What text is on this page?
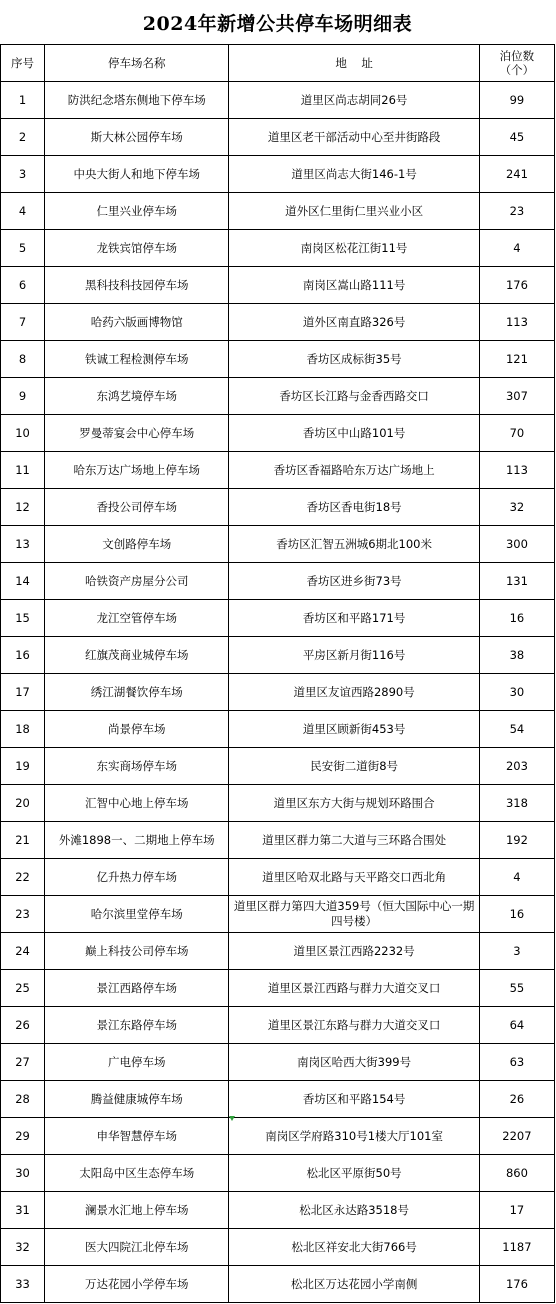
2024年新增公共停车场明细表
序号	停车场名称	地    址	泊位数
（个）

1	防洪纪念塔东侧地下停车场	道里区尚志胡同26号	99
2	斯大林公园停车场	道里区老干部活动中心至井街路段	45
3	中央大街人和地下停车场	道里区尚志大街146-1号	241
4	仁里兴业停车场	道外区仁里街仁里兴业小区	23
5	龙铁宾馆停车场	南岗区松花江街11号	4
6	黑科技科技园停车场	南岗区嵩山路111号	176
7	哈药六版画博物馆	道外区南直路326号	113
8	铁诚工程检测停车场	香坊区成标街35号	121
9	东鸿艺境停车场	香坊区长江路与金香西路交口	307
10	罗曼蒂宴会中心停车场	香坊区中山路101号	70
11	哈东万达广场地上停车场	香坊区香福路哈东万达广场地上	113
12	香投公司停车场	香坊区香电街18号	32
13	文创路停车场	香坊区汇智五洲城6期北100米	300
14	哈铁资产房屋分公司	香坊区进乡街73号	131
15	龙江空管停车场	香坊区和平路171号	16
16	红旗茂商业城停车场	平房区新月街116号	38
17	绣江湖餐饮停车场	道里区友谊西路2890号	30
18	尚景停车场	道里区顾新街453号	54
19	东实商场停车场	民安街二道街8号	203
20	汇智中心地上停车场	道里区东方大街与规划环路围合	318
21	外滩1898一、二期地上停车场	道里区群力第二大道与三环路合围处	192
22	亿升热力停车场	道里区哈双北路与天平路交口西北角	4
23	哈尔滨里堂停车场	道里区群力第四大道359号（恒大国际中心一期四号楼）	16
24	巅上科技公司停车场	道里区景江西路2232号	3
25	景江西路停车场	道里区景江西路与群力大道交叉口	55
26	景江东路停车场	道里区景江东路与群力大道交叉口	64
27	广电停车场	南岗区哈西大街399号	63
28	腾益健康城停车场	香坊区和平路154号	26
29	申华智慧停车场	南岗区学府路310号1楼大厅101室	2207
30	太阳岛中区生态停车场	松北区平原街50号	860
31	澜景水汇地上停车场	松北区永达路3518号	17
32	医大四院江北停车场	松北区祥安北大街766号	1187
33	万达花园小学停车场	松北区万达花园小学南侧	176
